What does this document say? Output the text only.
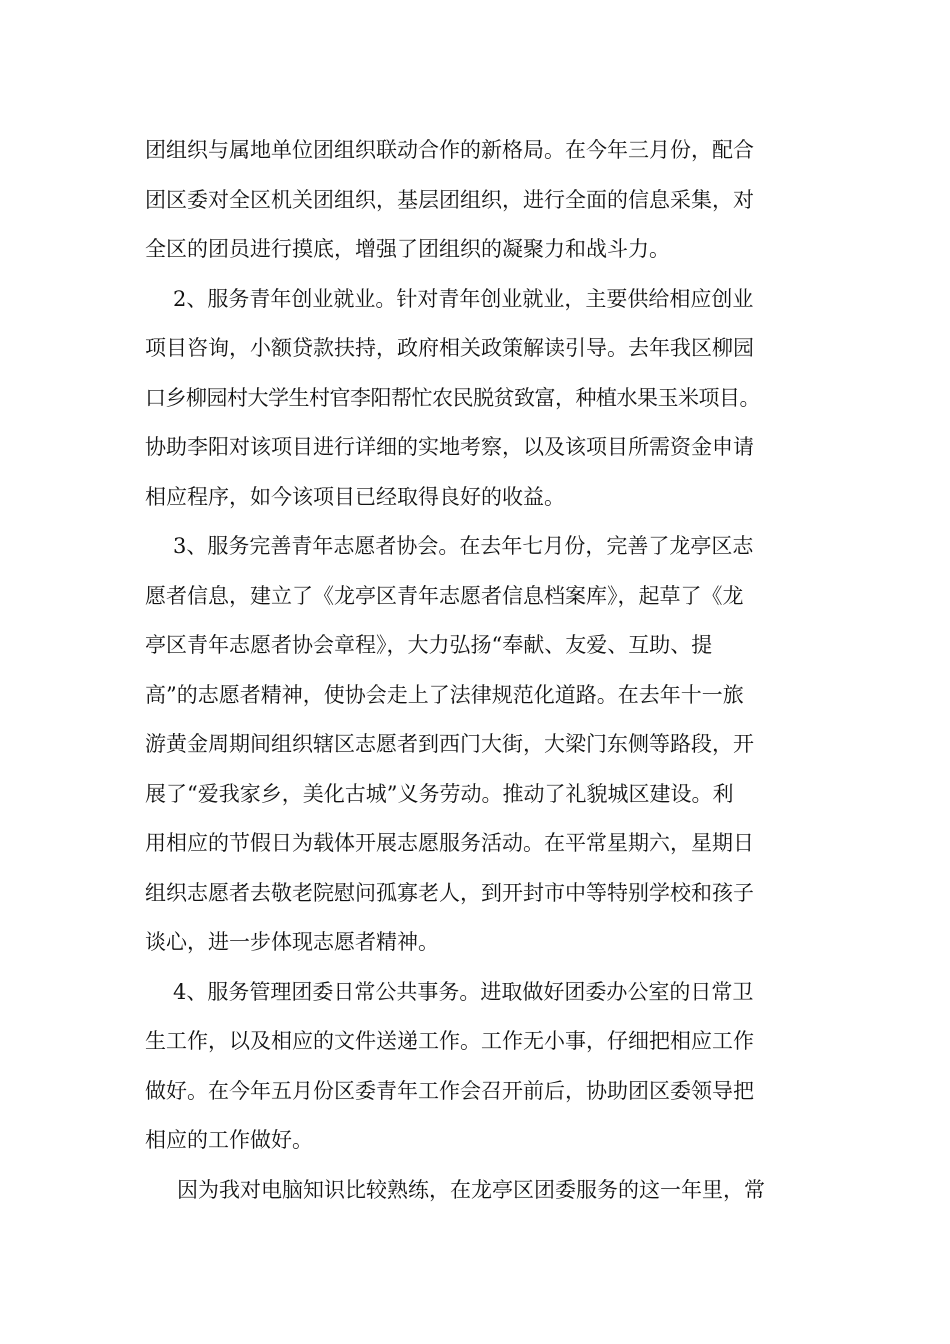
团组织与属地单位团组织联动合作的新格局。在今年三月份，配合
团区委对全区机关团组织，基层团组织，进行全面的信息采集，对
全区的团员进行摸底，增强了团组织的凝聚力和战斗力。
2、服务青年创业就业。针对青年创业就业，主要供给相应创业
项目咨询，小额贷款扶持，政府相关政策解读引导。去年我区柳园
口乡柳园村大学生村官李阳帮忙农民脱贫致富，种植水果玉米项目。
协助李阳对该项目进行详细的实地考察，以及该项目所需资金申请
相应程序，如今该项目已经取得良好的收益。
3、服务完善青年志愿者协会。在去年七月份，完善了龙亭区志
愿者信息，建立了《龙亭区青年志愿者信息档案库》，起草了《龙
亭区青年志愿者协会章程》，大力弘扬“奉献、友爱、互助、提
高”的志愿者精神，使协会走上了法律规范化道路。在去年十一旅
游黄金周期间组织辖区志愿者到西门大街，大梁门东侧等路段，开
展了“爱我家乡，美化古城”义务劳动。推动了礼貌城区建设。利
用相应的节假日为载体开展志愿服务活动。在平常星期六，星期日
组织志愿者去敬老院慰问孤寡老人，到开封市中等特别学校和孩子
谈心，进一步体现志愿者精神。
4、服务管理团委日常公共事务。进取做好团委办公室的日常卫
生工作，以及相应的文件送递工作。工作无小事，仔细把相应工作
做好。在今年五月份区委青年工作会召开前后，协助团区委领导把
相应的工作做好。
因为我对电脑知识比较熟练，在龙亭区团委服务的这一年里，常
